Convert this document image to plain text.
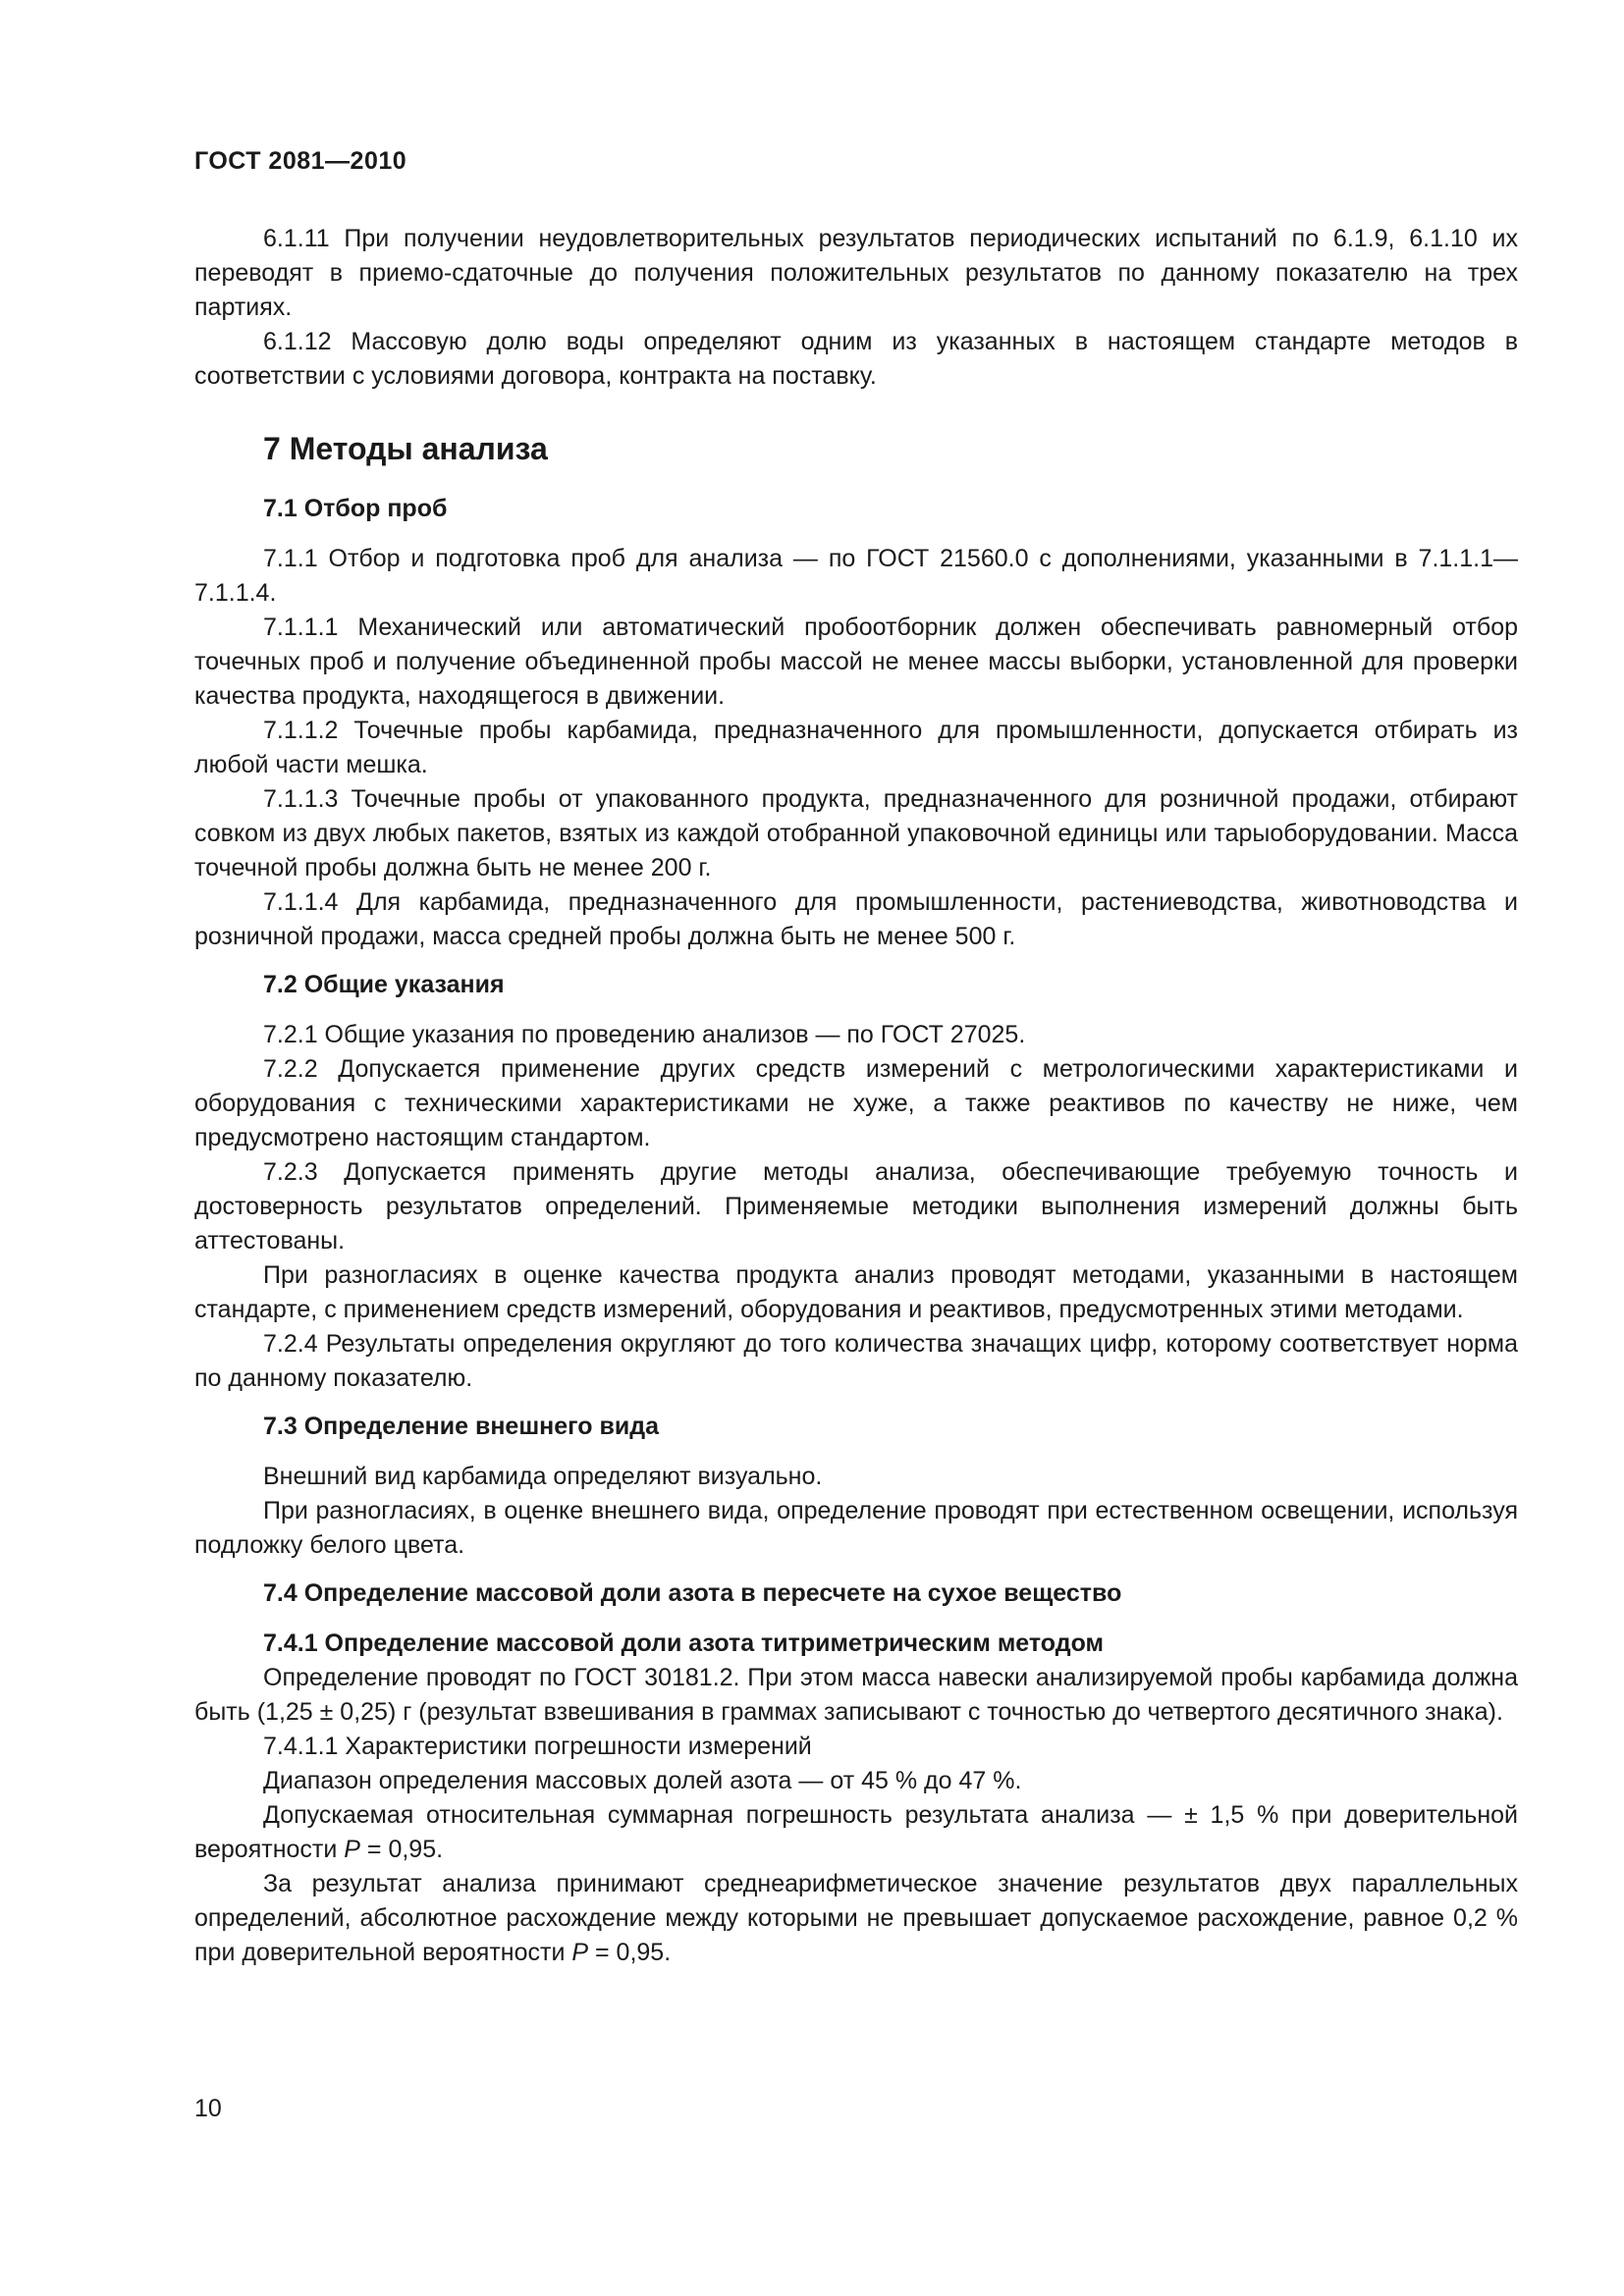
ГОСТ 2081—2010

6.1.11 При получении неудовлетворительных результатов периодических испытаний по 6.1.9, 6.1.10 их переводят в приемо-сдаточные до получения положительных результатов по данному показателю на трех партиях.

6.1.12 Массовую долю воды определяют одним из указанных в настоящем стандарте методов в соответствии с условиями договора, контракта на поставку.

7 Методы анализа
7.1 Отбор проб

7.1.1 Отбор и подготовка проб для анализа — по ГОСТ 21560.0 с дополнениями, указанными в 7.1.1.1—7.1.1.4.

7.1.1.1 Механический или автоматический пробоотборник должен обеспечивать равномерный отбор точечных проб и получение объединенной пробы массой не менее массы выборки, установленной для проверки качества продукта, находящегося в движении.

7.1.1.2 Точечные пробы карбамида, предназначенного для промышленности, допускается отбирать из любой части мешка.

7.1.1.3 Точечные пробы от упакованного продукта, предназначенного для розничной продажи, отбирают совком из двух любых пакетов, взятых из каждой отобранной упаковочной единицы или тарыоборудовании. Масса точечной пробы должна быть не менее 200 г.

7.1.1.4 Для карбамида, предназначенного для промышленности, растениеводства, животноводства и розничной продажи, масса средней пробы должна быть не менее 500 г.

7.2 Общие указания

7.2.1 Общие указания по проведению анализов — по ГОСТ 27025.

7.2.2 Допускается применение других средств измерений с метрологическими характеристиками и оборудования с техническими характеристиками не хуже, а также реактивов по качеству не ниже, чем предусмотрено настоящим стандартом.

7.2.3 Допускается применять другие методы анализа, обеспечивающие требуемую точность и достоверность результатов определений. Применяемые методики выполнения измерений должны быть аттестованы.

При разногласиях в оценке качества продукта анализ проводят методами, указанными в настоящем стандарте, с применением средств измерений, оборудования и реактивов, предусмотренных этими методами.

7.2.4 Результаты определения округляют до того количества значащих цифр, которому соответствует норма по данному показателю.

7.3 Определение внешнего вида

Внешний вид карбамида определяют визуально.

При разногласиях, в оценке внешнего вида, определение проводят при естественном освещении, используя подложку белого цвета.

7.4 Определение массовой доли азота в пересчете на сухое вещество
7.4.1 Определение массовой доли азота титриметрическим методом

Определение проводят по ГОСТ 30181.2. При этом масса навески анализируемой пробы карбамида должна быть (1,25 ± 0,25) г (результат взвешивания в граммах записывают с точностью до четвертого десятичного знака).

7.4.1.1 Характеристики погрешности измерений

Диапазон определения массовых долей азота — от 45 % до 47 %.

Допускаемая относительная суммарная погрешность результата анализа — ± 1,5 % при доверительной вероятности P = 0,95.

За результат анализа принимают среднеарифметическое значение результатов двух параллельных определений, абсолютное расхождение между которыми не превышает допускаемое расхождение, равное 0,2 % при доверительной вероятности P = 0,95.

10
